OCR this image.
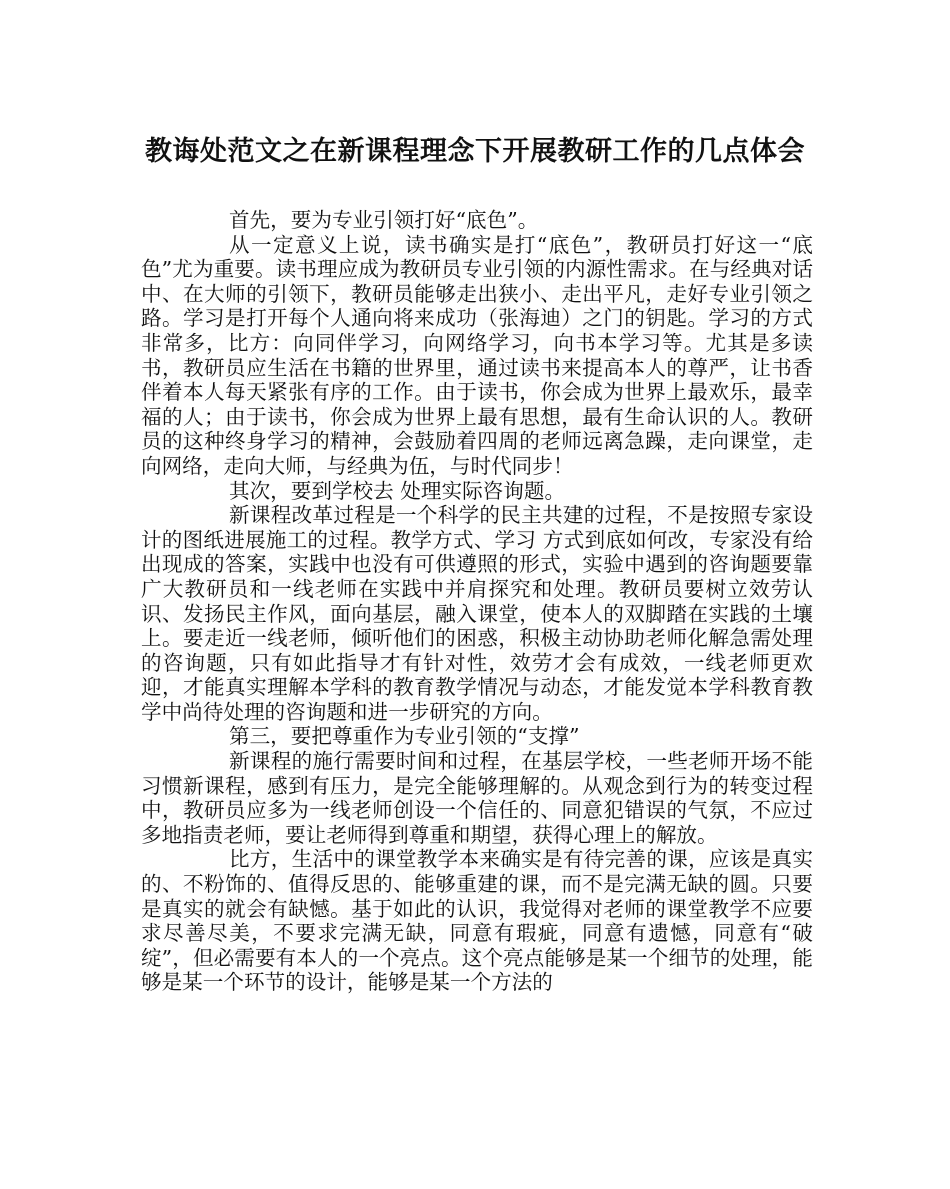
教诲处范文之在新课程理念下开展教研工作的几点体会

首先，要为专业引领打好“底色”。

从一定意义上说，读书确实是打“底色”，教研员打好这一“底色”尤为重要。读书理应成为教研员专业引领的内源性需求。在与经典对话中、在大师的引领下，教研员能够走出狭小、走出平凡，走好专业引领之路。学习是打开每个人通向将来成功（张海迪）之门的钥匙。学习的方式非常多，比方：向同伴学习，向网络学习，向书本学习等。尤其是多读书，教研员应生活在书籍的世界里，通过读书来提高本人的尊严，让书香伴着本人每天紧张有序的工作。由于读书，你会成为世界上最欢乐，最幸福的人；由于读书，你会成为世界上最有思想，最有生命认识的人。教研员的这种终身学习的精神，会鼓励着四周的老师远离急躁，走向课堂，走向网络，走向大师，与经典为伍，与时代同步！

其次，要到学校去 处理实际咨询题。

新课程改革过程是一个科学的民主共建的过程，不是按照专家设计的图纸进展施工的过程。教学方式、学习 方式到底如何改，专家没有给出现成的答案，实践中也没有可供遵照的形式，实验中遇到的咨询题要靠广大教研员和一线老师在实践中并肩探究和处理。教研员要树立效劳认识、发扬民主作风，面向基层，融入课堂，使本人的双脚踏在实践的土壤上。要走近一线老师，倾听他们的困惑，积极主动协助老师化解急需处理的咨询题，只有如此指导才有针对性，效劳才会有成效，一线老师更欢迎，才能真实理解本学科的教育教学情况与动态，才能发觉本学科教育教学中尚待处理的咨询题和进一步研究的方向。

第三，要把尊重作为专业引领的“支撑”

新课程的施行需要时间和过程，在基层学校，一些老师开场不能习惯新课程，感到有压力，是完全能够理解的。从观念到行为的转变过程中，教研员应多为一线老师创设一个信任的、同意犯错误的气氛，不应过多地指责老师，要让老师得到尊重和期望，获得心理上的解放。

比方，生活中的课堂教学本来确实是有待完善的课，应该是真实的、不粉饰的、值得反思的、能够重建的课，而不是完满无缺的圆。只要是真实的就会有缺憾。基于如此的认识，我觉得对老师的课堂教学不应要求尽善尽美，不要求完满无缺，同意有瑕疵，同意有遗憾，同意有“破绽”，但必需要有本人的一个亮点。这个亮点能够是某一个细节的处理，能够是某一个环节的设计，能够是某一个方法的
